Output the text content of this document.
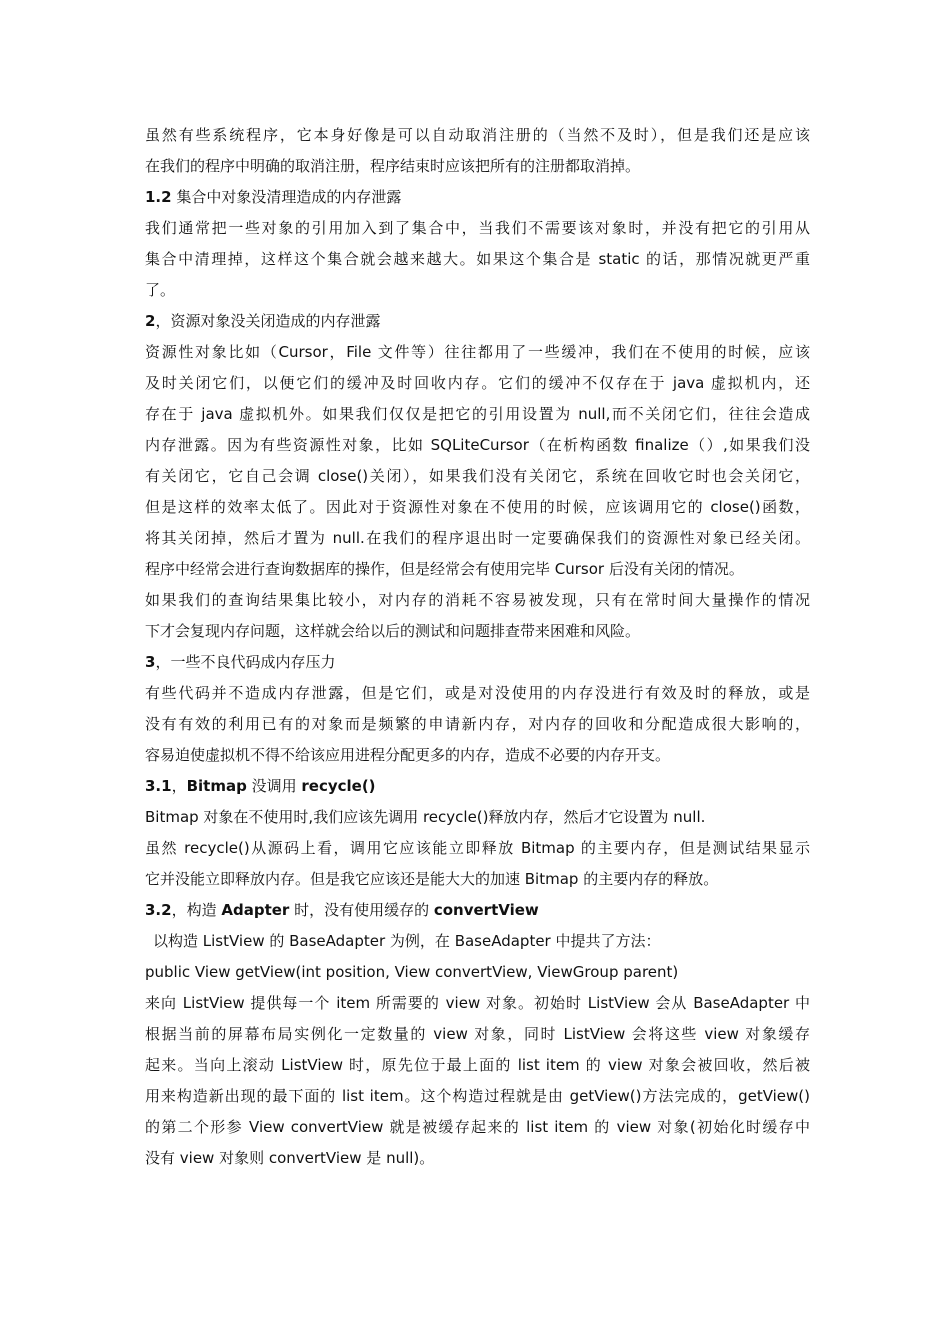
虽然有些系统程序，它本身好像是可以自动取消注册的（当然不及时），但是我们还是应该
在我们的程序中明确的取消注册，程序结束时应该把所有的注册都取消掉。
1.2 集合中对象没清理造成的内存泄露
我们通常把一些对象的引用加入到了集合中，当我们不需要该对象时，并没有把它的引用从
集合中清理掉，这样这个集合就会越来越大。如果这个集合是 static 的话，那情况就更严重
了。
2，资源对象没关闭造成的内存泄露
资源性对象比如（Cursor，File 文件等）往往都用了一些缓冲，我们在不使用的时候，应该
及时关闭它们，以便它们的缓冲及时回收内存。它们的缓冲不仅存在于 java 虚拟机内，还
存在于 java 虚拟机外。如果我们仅仅是把它的引用设置为 null,而不关闭它们，往往会造成
内存泄露。因为有些资源性对象，比如 SQLiteCursor（在析构函数 finalize（）,如果我们没
有关闭它，它自己会调 close()关闭），如果我们没有关闭它，系统在回收它时也会关闭它，
但是这样的效率太低了。因此对于资源性对象在不使用的时候，应该调用它的 close()函数，
将其关闭掉，然后才置为 null.在我们的程序退出时一定要确保我们的资源性对象已经关闭。
程序中经常会进行查询数据库的操作，但是经常会有使用完毕 Cursor 后没有关闭的情况。
如果我们的查询结果集比较小，对内存的消耗不容易被发现，只有在常时间大量操作的情况
下才会复现内存问题，这样就会给以后的测试和问题排查带来困难和风险。
3，一些不良代码成内存压力
有些代码并不造成内存泄露，但是它们，或是对没使用的内存没进行有效及时的释放，或是
没有有效的利用已有的对象而是频繁的申请新内存，对内存的回收和分配造成很大影响的，
容易迫使虚拟机不得不给该应用进程分配更多的内存，造成不必要的内存开支。
3.1，Bitmap 没调用 recycle()
Bitmap 对象在不使用时,我们应该先调用 recycle()释放内存，然后才它设置为 null.
虽然 recycle()从源码上看，调用它应该能立即释放 Bitmap 的主要内存，但是测试结果显示
它并没能立即释放内存。但是我它应该还是能大大的加速 Bitmap 的主要内存的释放。
3.2，构造 Adapter 时，没有使用缓存的 convertView
以构造 ListView 的 BaseAdapter 为例，在 BaseAdapter 中提共了方法：
public View getView(int position, View convertView, ViewGroup parent)
来向 ListView 提供每一个 item 所需要的 view 对象。初始时 ListView 会从 BaseAdapter 中
根据当前的屏幕布局实例化一定数量的 view 对象，同时 ListView 会将这些 view 对象缓存
起来。当向上滚动 ListView 时，原先位于最上面的 list item 的 view 对象会被回收，然后被
用来构造新出现的最下面的 list item。这个构造过程就是由 getView()方法完成的，getView()
的第二个形参 View convertView 就是被缓存起来的 list item 的 view 对象(初始化时缓存中
没有 view 对象则 convertView 是 null)。
